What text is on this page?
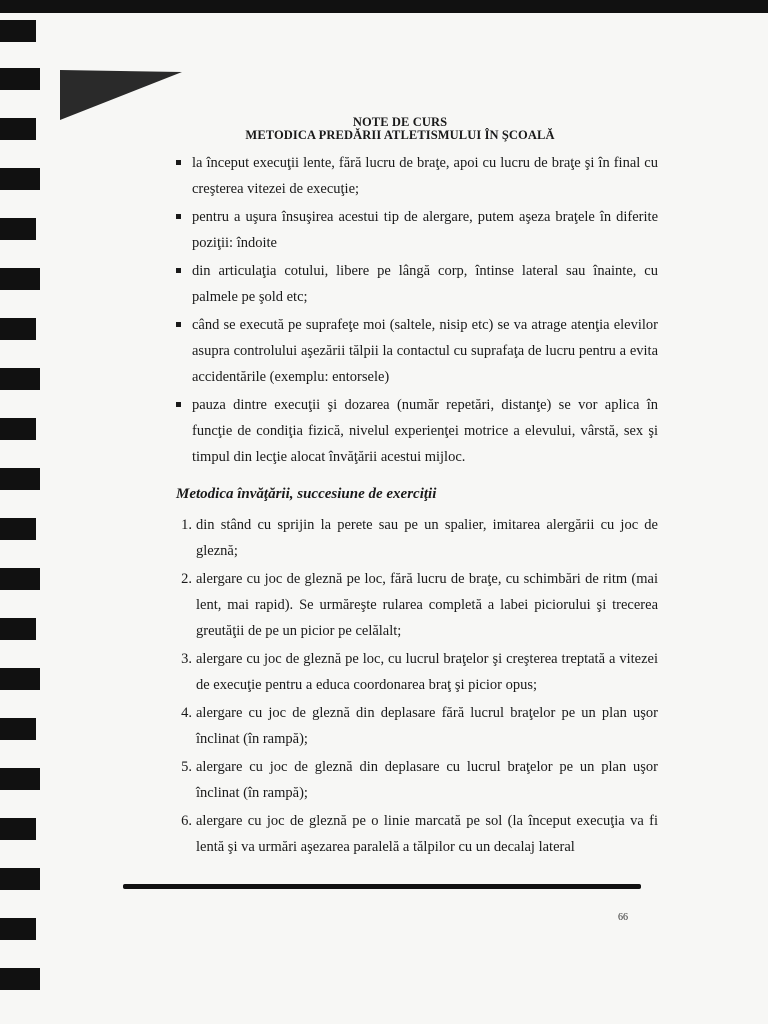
NOTE DE CURS
METODICA PREDĂRII ATLETISMULUI ÎN ŞCOALĂ
la început execuţii lente, fără lucru de braţe, apoi cu lucru de braţe şi în final cu creşterea vitezei de execuţie;
pentru a uşura însuşirea acestui tip de alergare, putem aşeza braţele în diferite poziţii: îndoite
din articulaţia cotului, libere pe lângă corp, întinse lateral sau înainte, cu palmele pe şold etc;
când se execută pe suprafeţe moi (saltele, nisip etc) se va atrage atenţia elevilor asupra controlului aşezării tălpii la contactul cu suprafaţa de lucru pentru a evita accidentările (exemplu: entorsele)
pauza dintre execuţii şi dozarea (număr repetări, distanţe) se vor aplica în funcţie de condiţia fizică, nivelul experienţei motrice a elevului, vârstă, sex şi timpul din lecţie alocat învăţării acestui mijloc.
Metodica învăţării, succesiune de exerciţii
1. din stând cu sprijin la perete sau pe un spalier, imitarea alergării cu joc de gleznă;
2. alergare cu joc de gleznă pe loc, fără lucru de braţe, cu schimbări de ritm (mai lent, mai rapid). Se urmăreşte rularea completă a labei piciorului şi trecerea greutăţii de pe un picior pe celălalt;
3. alergare cu joc de gleznă pe loc, cu lucrul braţelor şi creşterea treptată a vitezei de execuţie pentru a educa coordonarea braţ şi picior opus;
4. alergare cu joc de gleznă din deplasare fără lucrul braţelor pe un plan uşor înclinat (în rampă);
5. alergare cu joc de gleznă din deplasare cu lucrul braţelor pe un plan uşor înclinat (în rampă);
6. alergare cu joc de gleznă pe o linie marcată pe sol (la început execuţia va fi lentă şi va urmări aşezarea paralelă a tălpilor cu un decalaj lateral
66
